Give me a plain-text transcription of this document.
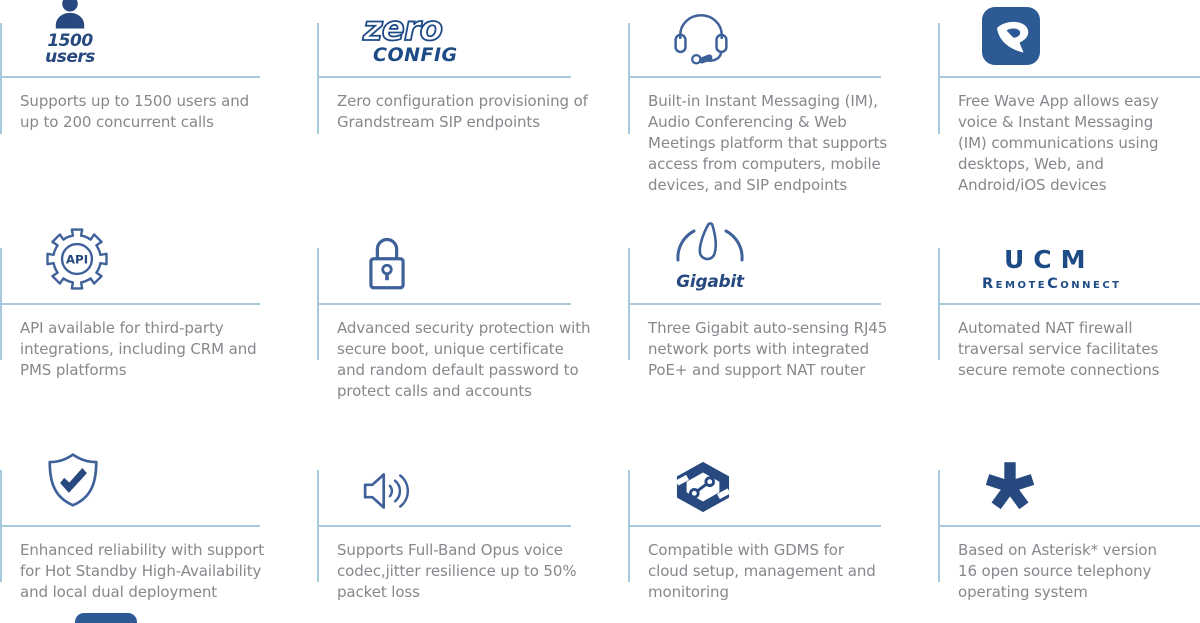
1500
users
Supports up to 1500 users and up to 200 concurrent calls
zero
CONFIG
Zero configuration provisioning of Grandstream SIP endpoints
Built-in Instant Messaging (IM), Audio Conferencing & Web Meetings platform that supports access from computers, mobile devices, and SIP endpoints
Free Wave App allows easy voice & Instant Messaging (IM) communications using desktops, Web, and Android/iOS devices
API
API available for third-party integrations, including CRM and PMS platforms
Advanced security protection with secure boot, unique certificate and random default password to protect calls and accounts
Gigabit
Three Gigabit auto-sensing RJ45 network ports with integrated PoE+ and support NAT router
UCM
RemoteConnect
Automated NAT firewall traversal service facilitates secure remote connections
Enhanced reliability with support for Hot Standby High-Availability and local dual deployment
Supports Full-Band Opus voice codec,jitter resilience up to 50% packet loss
Compatible with GDMS for cloud setup, management and monitoring
Based on Asterisk* version 16 open source telephony operating system
